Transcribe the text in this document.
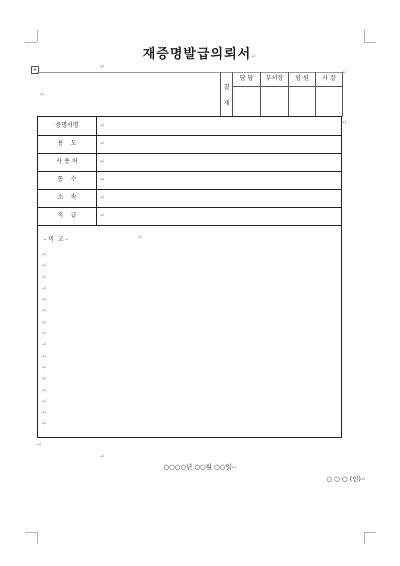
재증명발급의뢰서↵
+	↵
↵
↵
↵
결재
담 당	부서장	임 원	사 장
증명서명	↵
용    도	↵
사 용 처	↵
통    수	↵
소    속	↵
직    급	↵
- 비  고 -	↵
↵
↵
↵
↵
↵
↵
↵
↵
↵
↵
↵
↵
↵
↵
↵
↵
↵
↵
○○○○년 ○○월 ○○일↵
○ ○ ○ (인)↵
